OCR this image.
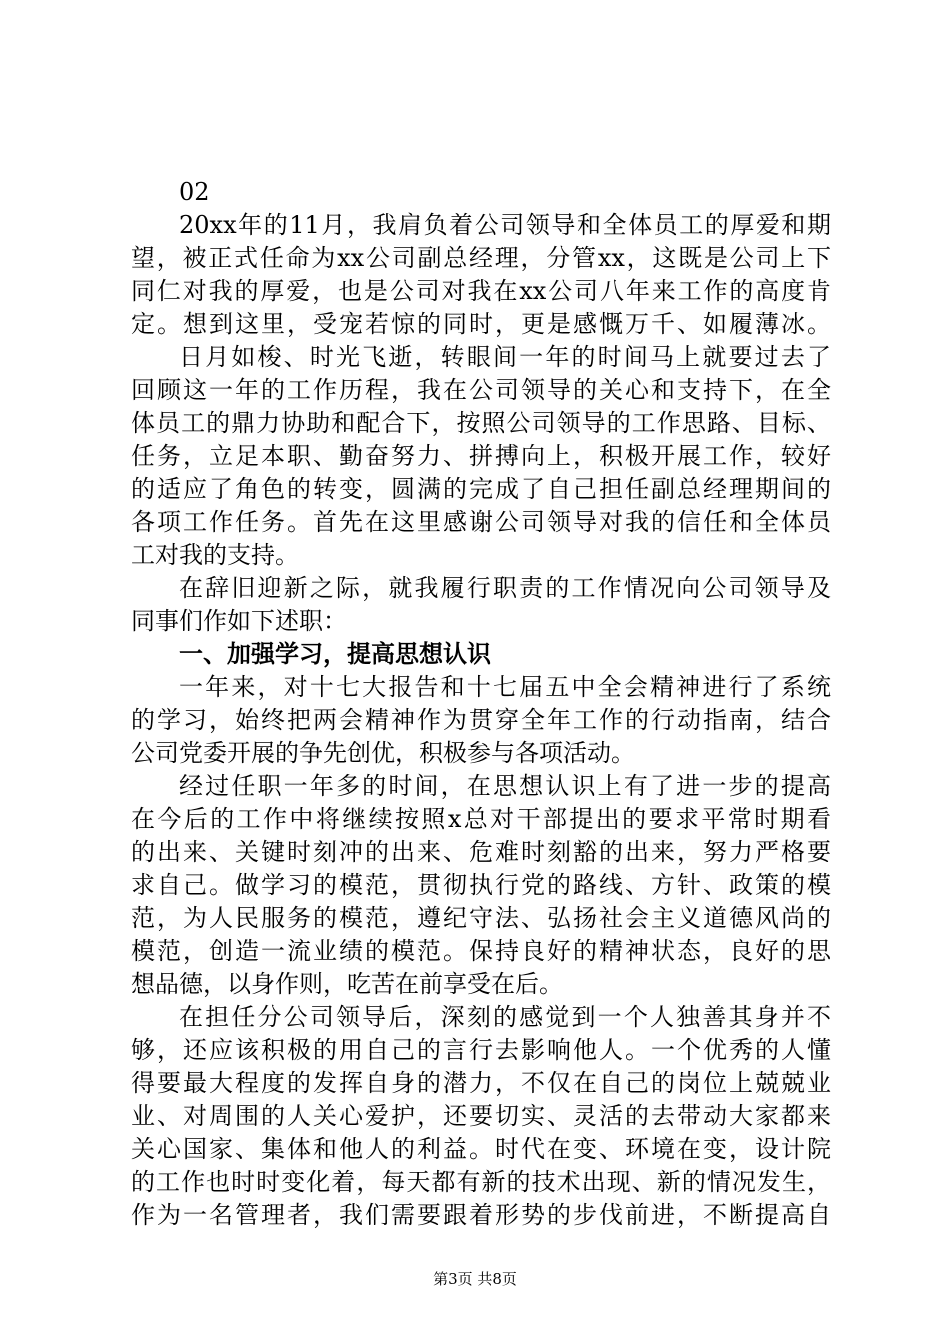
02
20xx年的11月，我肩负着公司领导和全体员工的厚爱和期
望，被正式任命为xx公司副总经理，分管xx，这既是公司上下
同仁对我的厚爱，也是公司对我在xx公司八年来工作的高度肯
定。想到这里，受宠若惊的同时，更是感慨万千、如履薄冰。
日月如梭、时光飞逝，转眼间一年的时间马上就要过去了
回顾这一年的工作历程，我在公司领导的关心和支持下，在全
体员工的鼎力协助和配合下，按照公司领导的工作思路、目标、
任务，立足本职、勤奋努力、拼搏向上，积极开展工作，较好
的适应了角色的转变，圆满的完成了自己担任副总经理期间的
各项工作任务。首先在这里感谢公司领导对我的信任和全体员
工对我的支持。
在辞旧迎新之际，就我履行职责的工作情况向公司领导及
同事们作如下述职：
一、加强学习，提高思想认识
一年来，对十七大报告和十七届五中全会精神进行了系统
的学习，始终把两会精神作为贯穿全年工作的行动指南，结合
公司党委开展的争先创优，积极参与各项活动。
经过任职一年多的时间，在思想认识上有了进一步的提高
在今后的工作中将继续按照x总对干部提出的要求平常时期看
的出来、关键时刻冲的出来、危难时刻豁的出来，努力严格要
求自己。做学习的模范，贯彻执行党的路线、方针、政策的模
范，为人民服务的模范，遵纪守法、弘扬社会主义道德风尚的
模范，创造一流业绩的模范。保持良好的精神状态，良好的思
想品德，以身作则，吃苦在前享受在后。
在担任分公司领导后，深刻的感觉到一个人独善其身并不
够，还应该积极的用自己的言行去影响他人。一个优秀的人懂
得要最大程度的发挥自身的潜力，不仅在自己的岗位上兢兢业
业、对周围的人关心爱护，还要切实、灵活的去带动大家都来
关心国家、集体和他人的利益。时代在变、环境在变，设计院
的工作也时时变化着，每天都有新的技术出现、新的情况发生，
作为一名管理者，我们需要跟着形势的步伐前进，不断提高自
第3页 共8页
